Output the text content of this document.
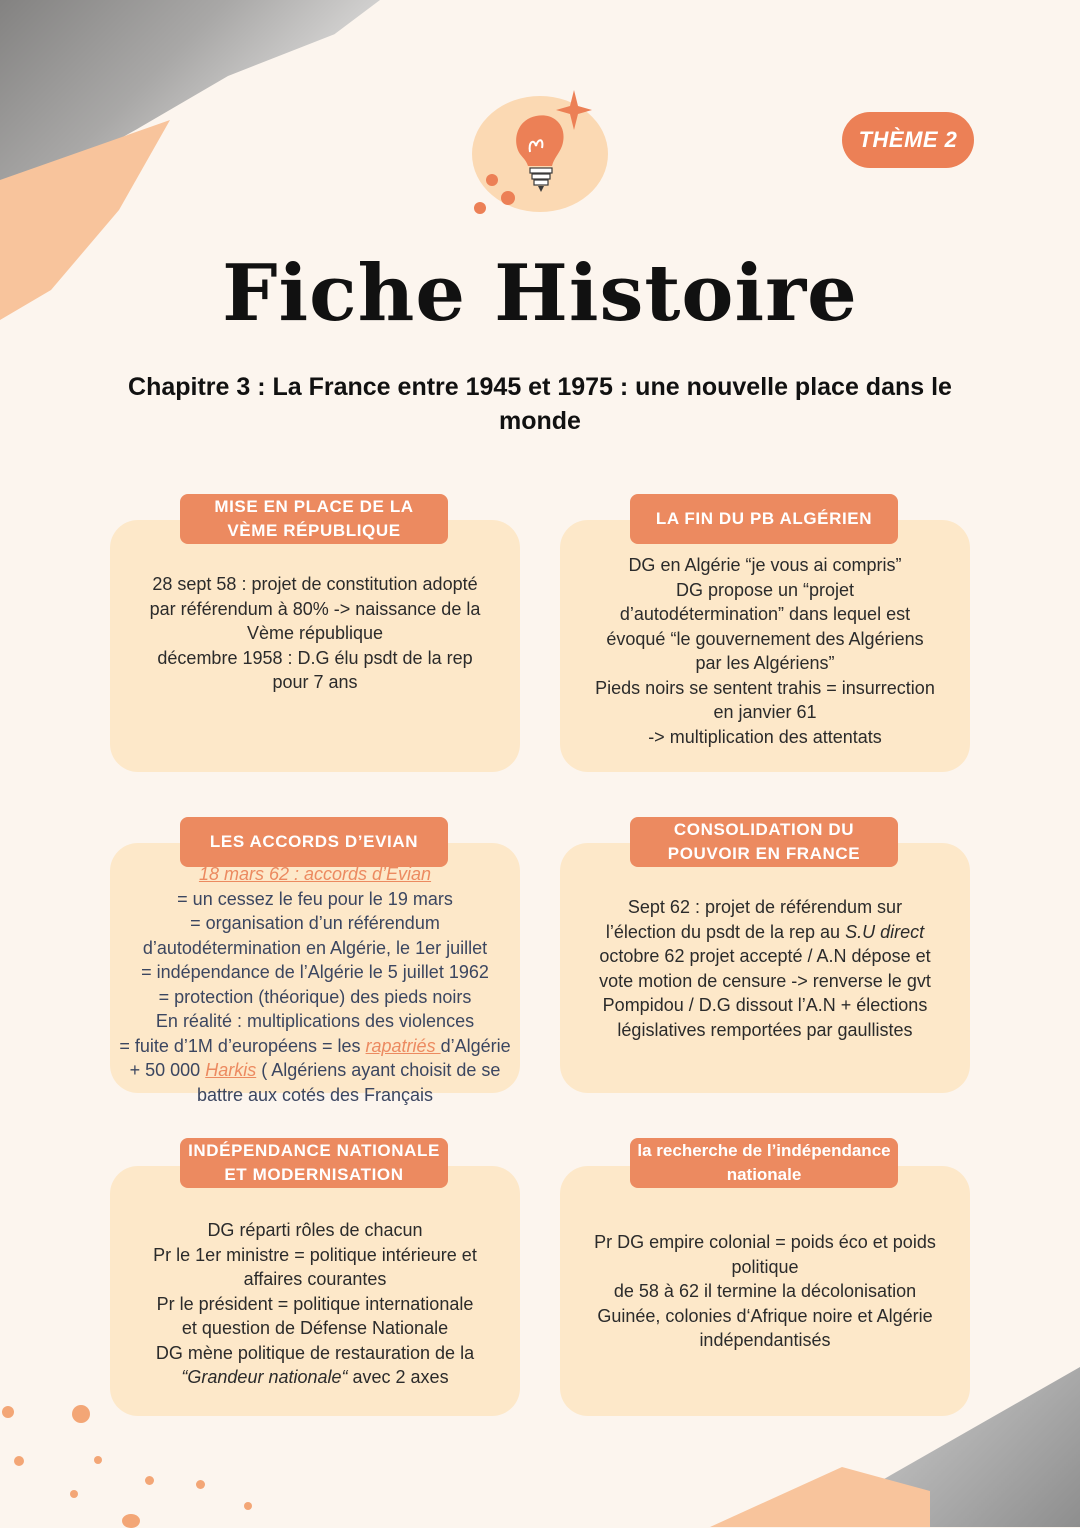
THÈME 2
Fiche Histoire
Chapitre 3 : La France entre 1945 et 1975 : une nouvelle place dans le monde
MISE EN PLACE DE LA
VÈME RÉPUBLIQUE

28 sept 58 : projet de constitution adopté

par référendum à 80% -> naissance de la

Vème république

décembre 1958 : D.G élu psdt de la rep

pour 7 ans

LA FIN DU PB ALGÉRIEN

DG en Algérie “je vous ai compris”

DG propose un “projet

d’autodétermination” dans lequel est

évoqué “le gouvernement des Algériens

par les Algériens”

Pieds noirs se sentent trahis = insurrection

en janvier 61

-> multiplication des attentats

LES ACCORDS D’EVIAN

18 mars 62 : accords d’Evian

= un cessez le feu pour le 19 mars

= organisation d’un référendum

d’autodétermination en Algérie, le 1er juillet

= indépendance de l’Algérie le 5 juillet 1962

= protection (théorique) des pieds noirs

En réalité : multiplications des violences

= fuite d’1M d’européens = les rapatriés d’Algérie

+ 50 000 Harkis ( Algériens ayant choisit de se

battre aux cotés des Français

CONSOLIDATION DU
POUVOIR EN FRANCE

Sept 62 : projet de référendum sur

l’élection du psdt de la rep au S.U direct

octobre 62 projet accepté / A.N dépose et

vote motion de censure -> renverse le gvt

Pompidou / D.G dissout l’A.N + élections

législatives remportées par gaullistes

INDÉPENDANCE NATIONALE
ET MODERNISATION

DG réparti rôles de chacun

Pr le 1er ministre = politique intérieure et

affaires courantes

Pr le président = politique internationale

et question de Défense Nationale

DG mène politique de restauration de la

“Grandeur nationale“ avec 2 axes

la recherche de l’indépendance
nationale

Pr DG empire colonial = poids éco et poids

politique

de 58 à 62 il termine la décolonisation

Guinée, colonies d‘Afrique noire et Algérie

indépendantisés
